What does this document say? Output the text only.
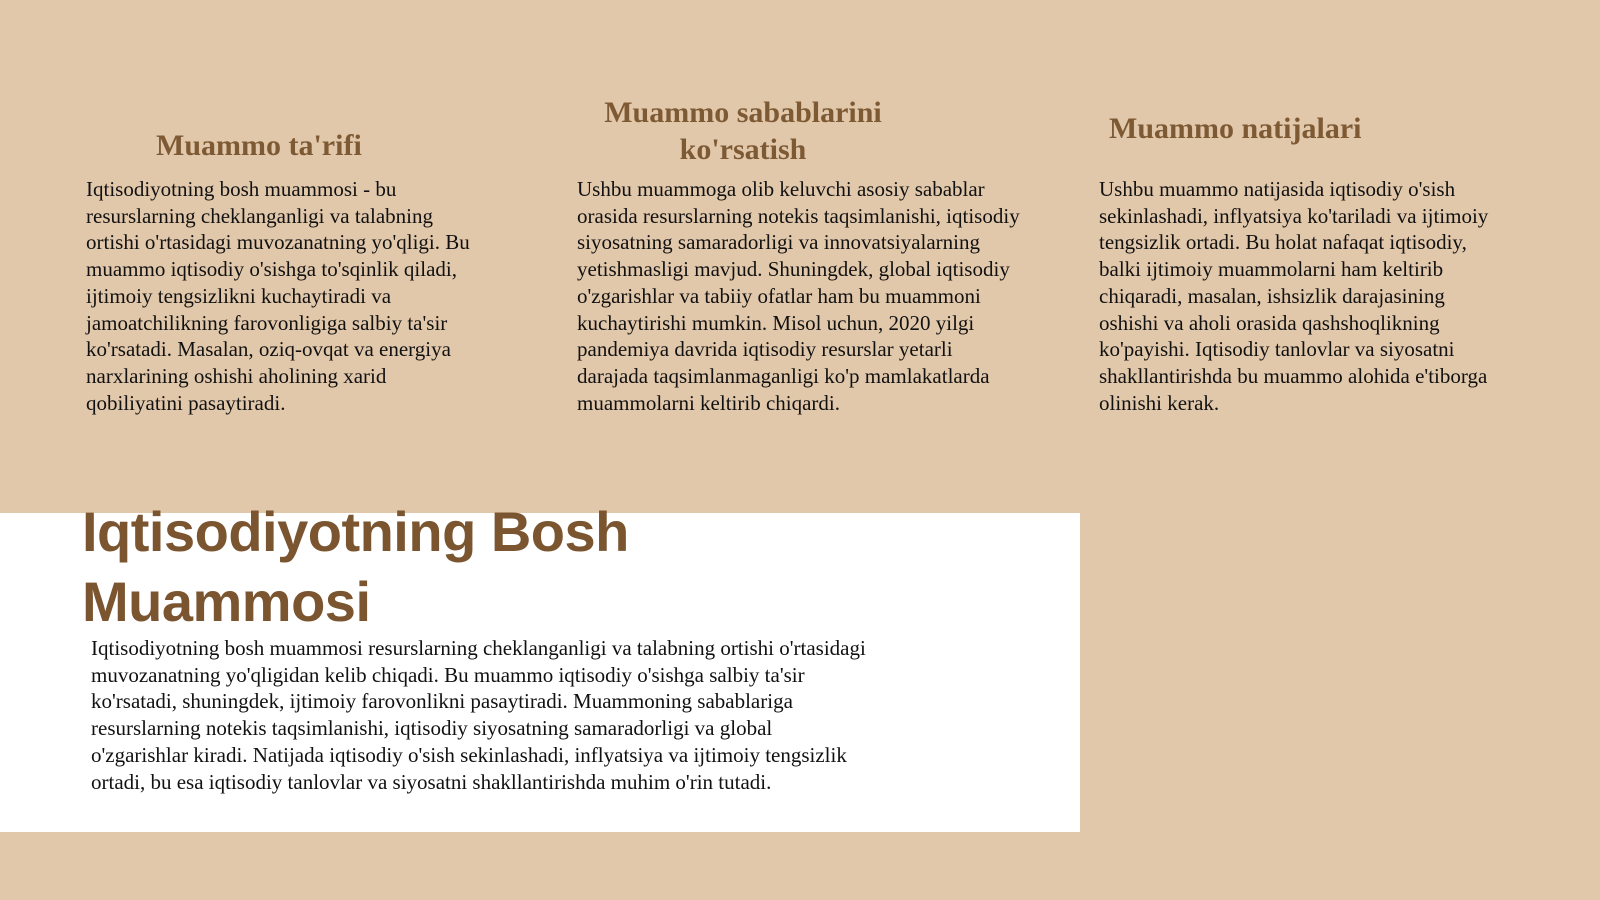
Muammo ta'rifi

Iqtisodiyotning bosh muammosi - bu resurslarning cheklanganligi va talabning ortishi o'rtasidagi muvozanatning yo'qligi. Bu muammo iqtisodiy o'sishga to'sqinlik qiladi, ijtimoiy tengsizlikni kuchaytiradi va jamoatchilikning farovonligiga salbiy ta'sir ko'rsatadi. Masalan, oziq-ovqat va energiya narxlarining oshishi aholining xarid qobiliyatini pasaytiradi.

Muammo sabablarini
ko'rsatish

Ushbu muammoga olib keluvchi asosiy sabablar orasida resurslarning notekis taqsimlanishi, iqtisodiy siyosatning samaradorligi va innovatsiyalarning yetishmasligi mavjud. Shuningdek, global iqtisodiy o'zgarishlar va tabiiy ofatlar ham bu muammoni kuchaytirishi mumkin. Misol uchun, 2020 yilgi pandemiya davrida iqtisodiy resurslar yetarli darajada taqsimlanmaganligi ko'p mamlakatlarda muammolarni keltirib chiqardi.

Muammo natijalari

Ushbu muammo natijasida iqtisodiy o'sish sekinlashadi, inflyatsiya ko'tariladi va ijtimoiy tengsizlik ortadi. Bu holat nafaqat iqtisodiy, balki ijtimoiy muammolarni ham keltirib chiqaradi, masalan, ishsizlik darajasining oshishi va aholi orasida qashshoqlikning ko'payishi. Iqtisodiy tanlovlar va siyosatni shakllantirishda bu muammo alohida e'tiborga olinishi kerak.

Iqtisodiyotning Bosh
Muammosi

Iqtisodiyotning bosh muammosi resurslarning cheklanganligi va talabning ortishi o'rtasidagi muvozanatning yo'qligidan kelib chiqadi. Bu muammo iqtisodiy o'sishga salbiy ta'sir ko'rsatadi, shuningdek, ijtimoiy farovonlikni pasaytiradi. Muammoning sabablariga resurslarning notekis taqsimlanishi, iqtisodiy siyosatning samaradorligi va global o'zgarishlar kiradi. Natijada iqtisodiy o'sish sekinlashadi, inflyatsiya va ijtimoiy tengsizlik ortadi, bu esa iqtisodiy tanlovlar va siyosatni shakllantirishda muhim o'rin tutadi.
